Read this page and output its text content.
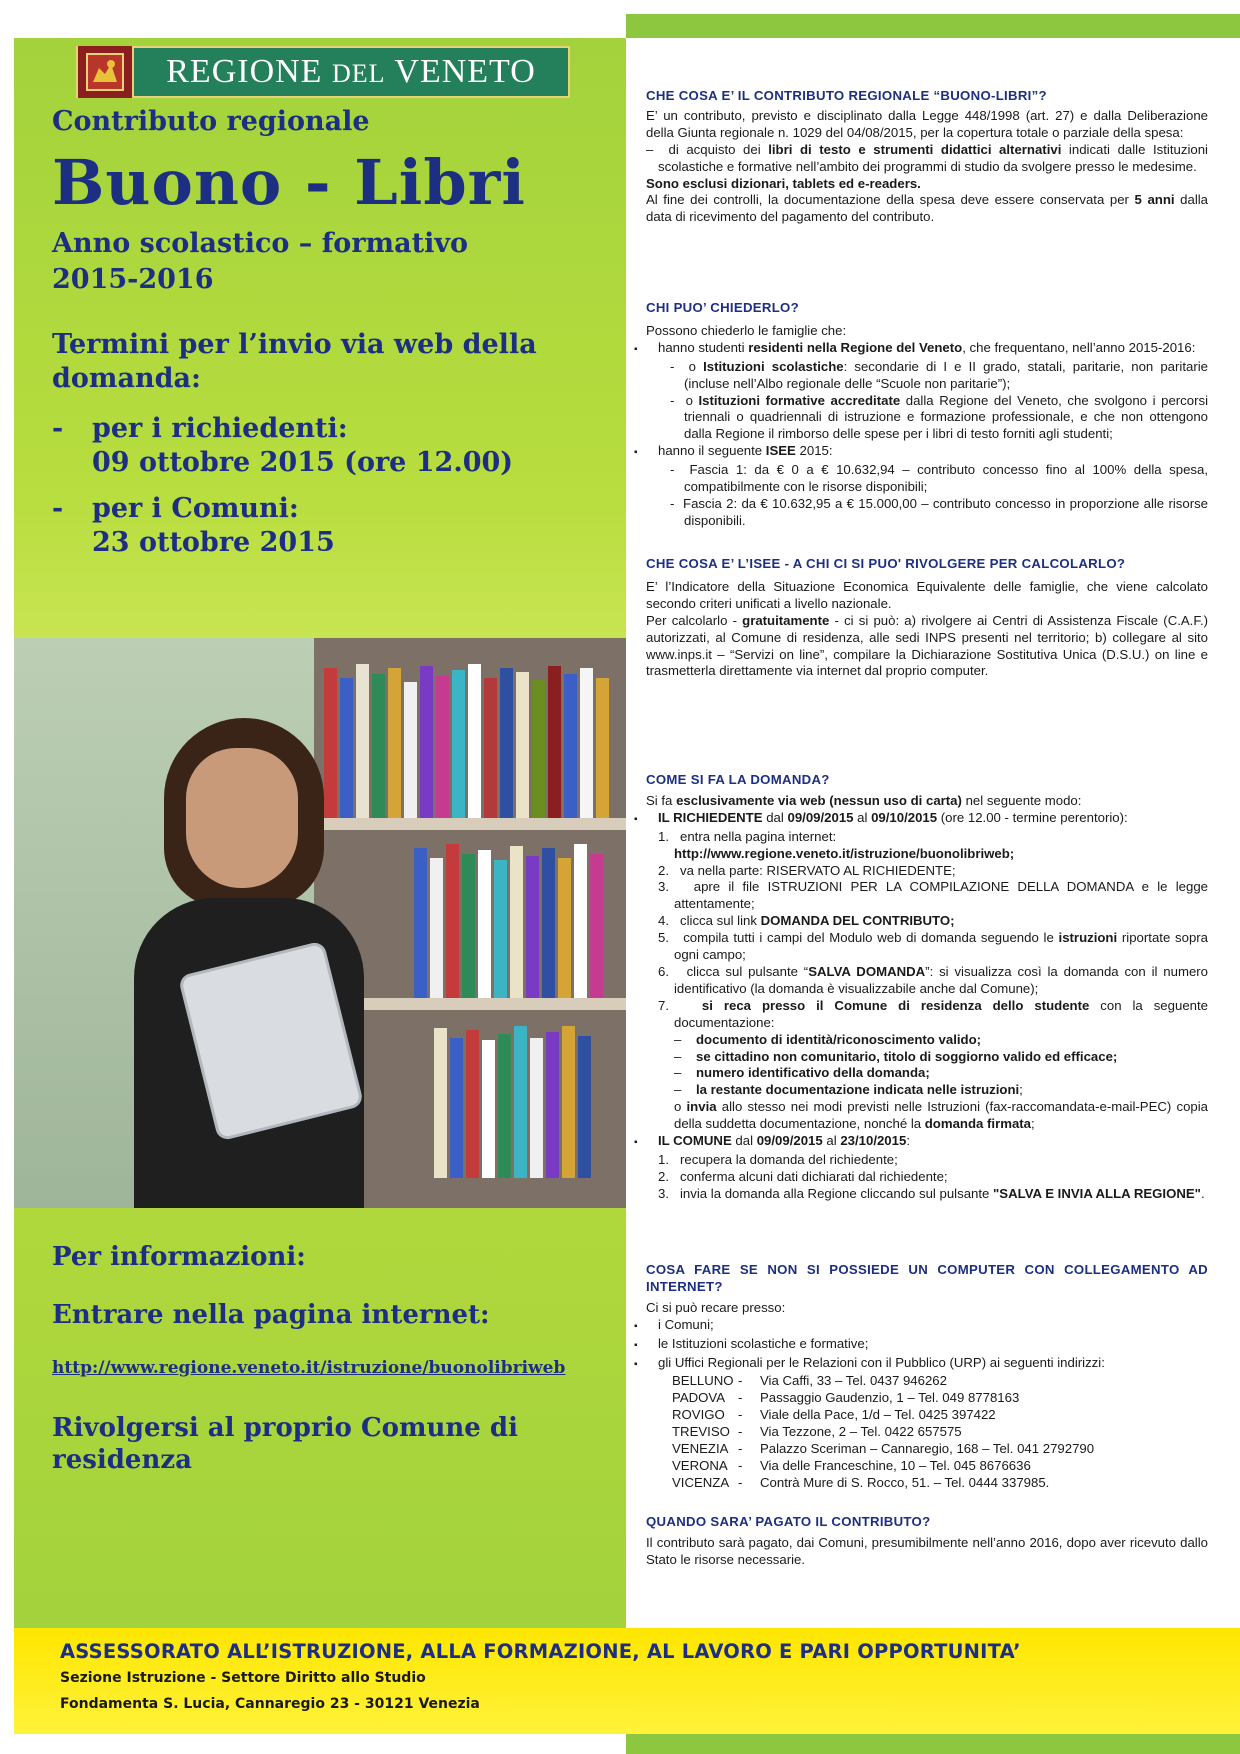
REGIONE DEL VENETO
Contributo regionale
Buono - Libri
Anno scolastico – formativo
2015-2016
Termini per l’invio via web della domanda:
- per i richiedenti:
09 ottobre 2015 (ore 12.00)
- per i Comuni:
23 ottobre 2015
Per informazioni:
Entrare nella pagina internet:
http://www.regione.veneto.it/istruzione/buonolibriweb
Rivolgersi al proprio Comune di residenza
CHE COSA E’ IL CONTRIBUTO REGIONALE “BUONO-LIBRI”?
E’ un contributo, previsto e disciplinato dalla Legge 448/1998 (art. 27) e dalla Deliberazione della Giunta regionale n. 1029 del 04/08/2015, per la copertura totale o parziale della spesa:
– di acquisto dei libri di testo e strumenti didattici alternativi indicati dalle Istituzioni scolastiche e formative nell’ambito dei programmi di studio da svolgere presso le medesime.
Sono esclusi dizionari, tablets ed e-readers.
Al fine dei controlli, la documentazione della spesa deve essere conservata per 5 anni dalla data di ricevimento del pagamento del contributo.
CHI PUO’ CHIEDERLO?
Possono chiederlo le famiglie che:
▪ hanno studenti residenti nella Regione del Veneto, che frequentano, nell’anno 2015-2016:
- o Istituzioni scolastiche: secondarie di I e II grado, statali, paritarie, non paritarie (incluse nell’Albo regionale delle “Scuole non paritarie”);
- o Istituzioni formative accreditate dalla Regione del Veneto, che svolgono i percorsi triennali o quadriennali di istruzione e formazione professionale, e che non ottengono dalla Regione il rimborso delle spese per i libri di testo forniti agli studenti;
▪ hanno il seguente ISEE 2015:
- Fascia 1: da € 0 a € 10.632,94 – contributo concesso fino al 100% della spesa, compatibilmente con le risorse disponibili;
- Fascia 2: da € 10.632,95 a € 15.000,00 – contributo concesso in proporzione alle risorse disponibili.
CHE COSA E’ L’ISEE - A CHI CI SI PUO' RIVOLGERE PER CALCOLARLO?
E’ l’Indicatore della Situazione Economica Equivalente delle famiglie, che viene calcolato secondo criteri unificati a livello nazionale.
Per calcolarlo - gratuitamente - ci si può: a) rivolgere ai Centri di Assistenza Fiscale (C.A.F.) autorizzati, al Comune di residenza, alle sedi INPS presenti nel territorio; b) collegare al sito www.inps.it – “Servizi on line”, compilare la Dichiarazione Sostitutiva Unica (D.S.U.) on line e trasmetterla direttamente via internet dal proprio computer.
COME SI FA LA DOMANDA?
Si fa esclusivamente via web (nessun uso di carta) nel seguente modo:
▪ IL RICHIEDENTE dal 09/09/2015 al 09/10/2015 (ore 12.00 - termine perentorio):
1. entra nella pagina internet:
http://www.regione.veneto.it/istruzione/buonolibriweb;
2. va nella parte: RISERVATO AL RICHIEDENTE;
3. apre il file ISTRUZIONI PER LA COMPILAZIONE DELLA DOMANDA e le legge attentamente;
4. clicca sul link DOMANDA DEL CONTRIBUTO;
5. compila tutti i campi del Modulo web di domanda seguendo le istruzioni riportate sopra ogni campo;
6. clicca sul pulsante “SALVA DOMANDA”: si visualizza così la domanda con il numero identificativo (la domanda è visualizzabile anche dal Comune);
7. si reca presso il Comune di residenza dello studente con la seguente documentazione:
– documento di identità/riconoscimento valido;
– se cittadino non comunitario, titolo di soggiorno valido ed efficace;
– numero identificativo della domanda;
– la restante documentazione indicata nelle istruzioni;
o invia allo stesso nei modi previsti nelle Istruzioni (fax-raccomandata-e-mail-PEC) copia della suddetta documentazione, nonché la domanda firmata;
▪ IL COMUNE dal 09/09/2015 al 23/10/2015:
1. recupera la domanda del richiedente;
2. conferma alcuni dati dichiarati dal richiedente;
3. invia la domanda alla Regione cliccando sul pulsante "SALVA E INVIA ALLA REGIONE".
COSA FARE SE NON SI POSSIEDE UN COMPUTER CON COLLEGAMENTO AD INTERNET?
Ci si può recare presso:
▪ i Comuni;
▪ le Istituzioni scolastiche e formative;
▪ gli Uffici Regionali per le Relazioni con il Pubblico (URP) ai seguenti indirizzi:
BELLUNO -	Via Caffi, 33 – Tel. 0437 946262
PADOVA -	Passaggio Gaudenzio, 1 – Tel. 049 8778163
ROVIGO	-	Viale della Pace, 1/d – Tel. 0425 397422
TREVISO -	Via Tezzone, 2 – Tel. 0422 657575
VENEZIA -	Palazzo Sceriman – Cannaregio, 168 – Tel. 041 2792790
VERONA -	Via delle Franceschine, 10 – Tel. 045 8676636
VICENZA -	Contrà Mure di S. Rocco, 51. – Tel. 0444 337985.
QUANDO SARA’ PAGATO IL CONTRIBUTO?
Il contributo sarà pagato, dai Comuni, presumibilmente nell’anno 2016, dopo aver ricevuto dallo Stato le risorse necessarie.
ASSESSORATO ALL’ISTRUZIONE, ALLA FORMAZIONE, AL LAVORO E PARI OPPORTUNITA’
Sezione Istruzione - Settore Diritto allo Studio
Fondamenta S. Lucia, Cannaregio 23 - 30121 Venezia
